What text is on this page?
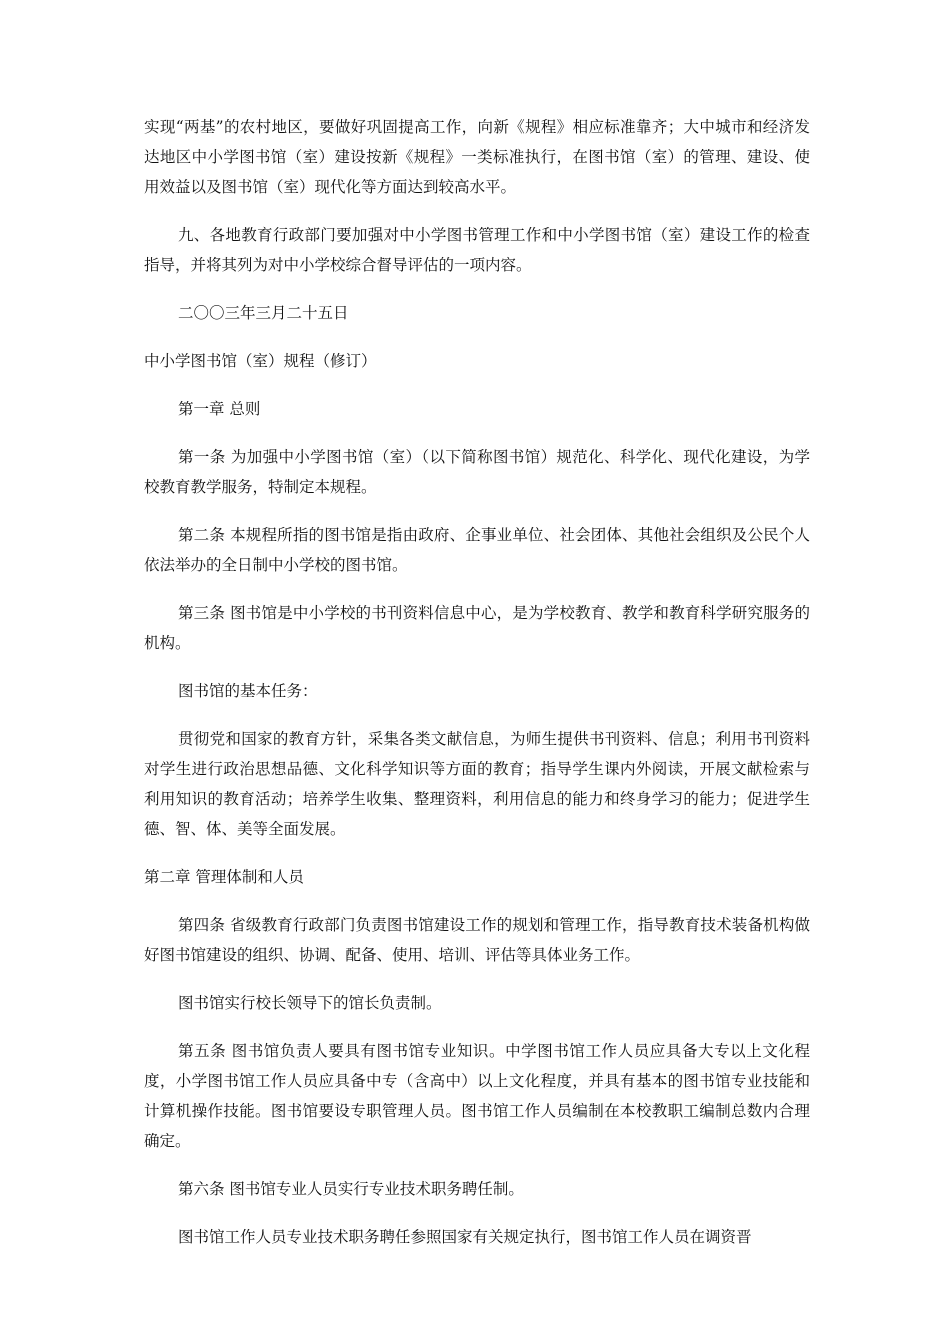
实现“两基”的农村地区，要做好巩固提高工作，向新《规程》相应标准靠齐；大中城市和经济发达地区中小学图书馆（室）建设按新《规程》一类标准执行，在图书馆（室）的管理、建设、使用效益以及图书馆（室）现代化等方面达到较高水平。

九、各地教育行政部门要加强对中小学图书管理工作和中小学图书馆（室）建设工作的检查指导，并将其列为对中小学校综合督导评估的一项内容。

二〇〇三年三月二十五日

中小学图书馆（室）规程（修订）

第一章 总则

第一条 为加强中小学图书馆（室）（以下简称图书馆）规范化、科学化、现代化建设，为学校教育教学服务，特制定本规程。

第二条 本规程所指的图书馆是指由政府、企事业单位、社会团体、其他社会组织及公民个人依法举办的全日制中小学校的图书馆。

第三条 图书馆是中小学校的书刊资料信息中心，是为学校教育、教学和教育科学研究服务的机构。

图书馆的基本任务：

贯彻党和国家的教育方针，采集各类文献信息，为师生提供书刊资料、信息；利用书刊资料对学生进行政治思想品德、文化科学知识等方面的教育；指导学生课内外阅读，开展文献检索与利用知识的教育活动；培养学生收集、整理资料，利用信息的能力和终身学习的能力；促进学生德、智、体、美等全面发展。

第二章 管理体制和人员

第四条 省级教育行政部门负责图书馆建设工作的规划和管理工作，指导教育技术装备机构做好图书馆建设的组织、协调、配备、使用、培训、评估等具体业务工作。

图书馆实行校长领导下的馆长负责制。

第五条 图书馆负责人要具有图书馆专业知识。中学图书馆工作人员应具备大专以上文化程度，小学图书馆工作人员应具备中专（含高中）以上文化程度，并具有基本的图书馆专业技能和计算机操作技能。图书馆要设专职管理人员。图书馆工作人员编制在本校教职工编制总数内合理确定。

第六条 图书馆专业人员实行专业技术职务聘任制。

图书馆工作人员专业技术职务聘任参照国家有关规定执行，图书馆工作人员在调资晋
